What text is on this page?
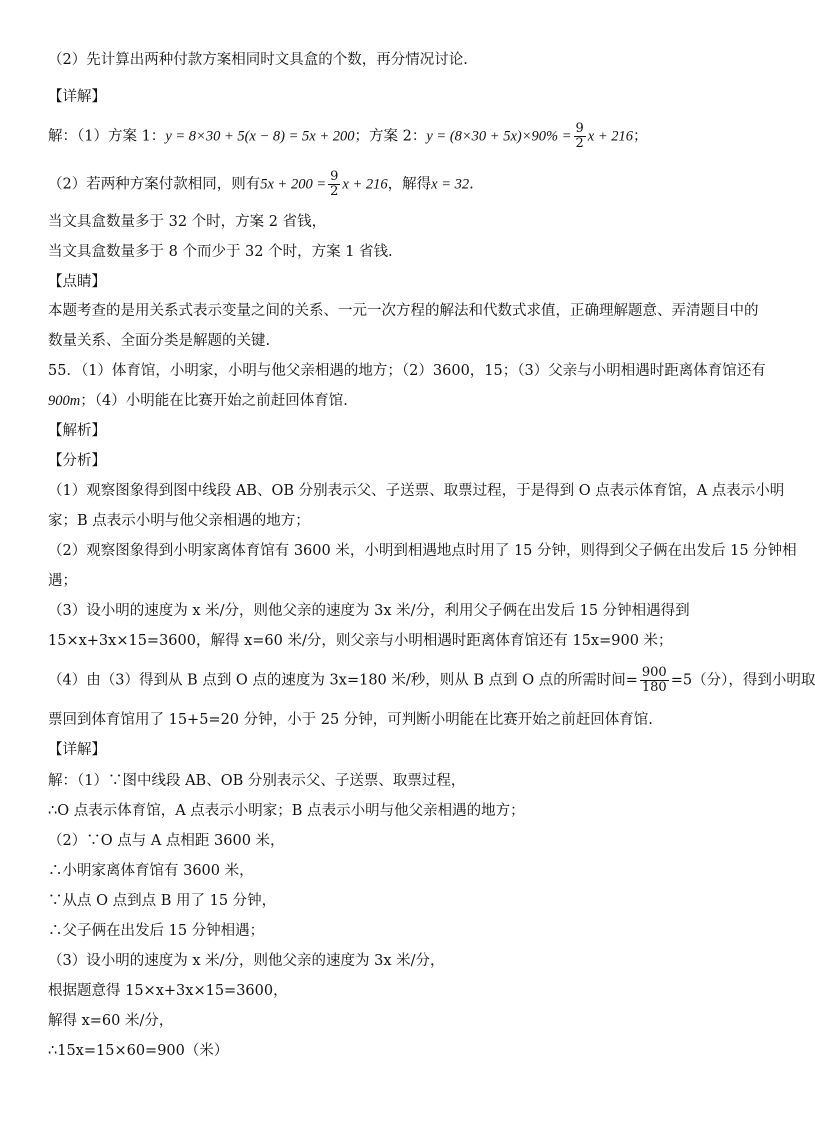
（2）先计算出两种付款方案相同时文具盒的个数，再分情况讨论.
【详解】
解：（1）方案 1：y = 8×30 + 5(x − 8) = 5x + 200；方案 2：$y = (8\times 30 + 5x)\times 90\% = \frac{9}{2}$ x + 216；
（2）若两种方案付款相同，则有$5x + 200 = \frac{9}{2}$ x + 216，解得x = 32.
当文具盒数量多于 32 个时，方案 2 省钱，
当文具盒数量多于 8 个而少于 32 个时，方案 1 省钱.
【点睛】
本题考查的是用关系式表示变量之间的关系、一元一次方程的解法和代数式求值，正确理解题意、弄清题目中的
数量关系、全面分类是解题的关键.
55．（1）体育馆，小明家，小明与他父亲相遇的地方；（2）3600，15；（3）父亲与小明相遇时距离体育馆还有
900m；（4）小明能在比赛开始之前赶回体育馆.
【解析】
【分析】
（1）观察图象得到图中线段 AB、OB 分别表示父、子送票、取票过程，于是得到 O 点表示体育馆，A 点表示小明
家；B 点表示小明与他父亲相遇的地方；
（2）观察图象得到小明家离体育馆有 3600 米，小明到相遇地点时用了 15 分钟，则得到父子俩在出发后 15 分钟相
遇；
（3）设小明的速度为 x 米/分，则他父亲的速度为 3x 米/分，利用父子俩在出发后 15 分钟相遇得到
15×x+3x×15=3600，解得 x=60 米/分，则父亲与小明相遇时距离体育馆还有 15x=900 米；
（4）由（3）得到从 B 点到 O 点的速度为 3x=180 米/秒，则从 B 点到 O 点的所需时间= $\frac{900}{180} =5$（分），得到小明取
票回到体育馆用了 15+5=20 分钟，小于 25 分钟，可判断小明能在比赛开始之前赶回体育馆.
【详解】
解：（1）∵图中线段 AB、OB 分别表示父、子送票、取票过程，
∴O 点表示体育馆，A 点表示小明家；B 点表示小明与他父亲相遇的地方；
（2）∵O 点与 A 点相距 3600 米，
∴小明家离体育馆有 3600 米，
∵从点 O 点到点 B 用了 15 分钟，
∴父子俩在出发后 15 分钟相遇；
（3）设小明的速度为 x 米/分，则他父亲的速度为 3x 米/分，
根据题意得 15×x+3x×15=3600，
解得 x=60 米/分，
∴15x=15×60=900（米）
